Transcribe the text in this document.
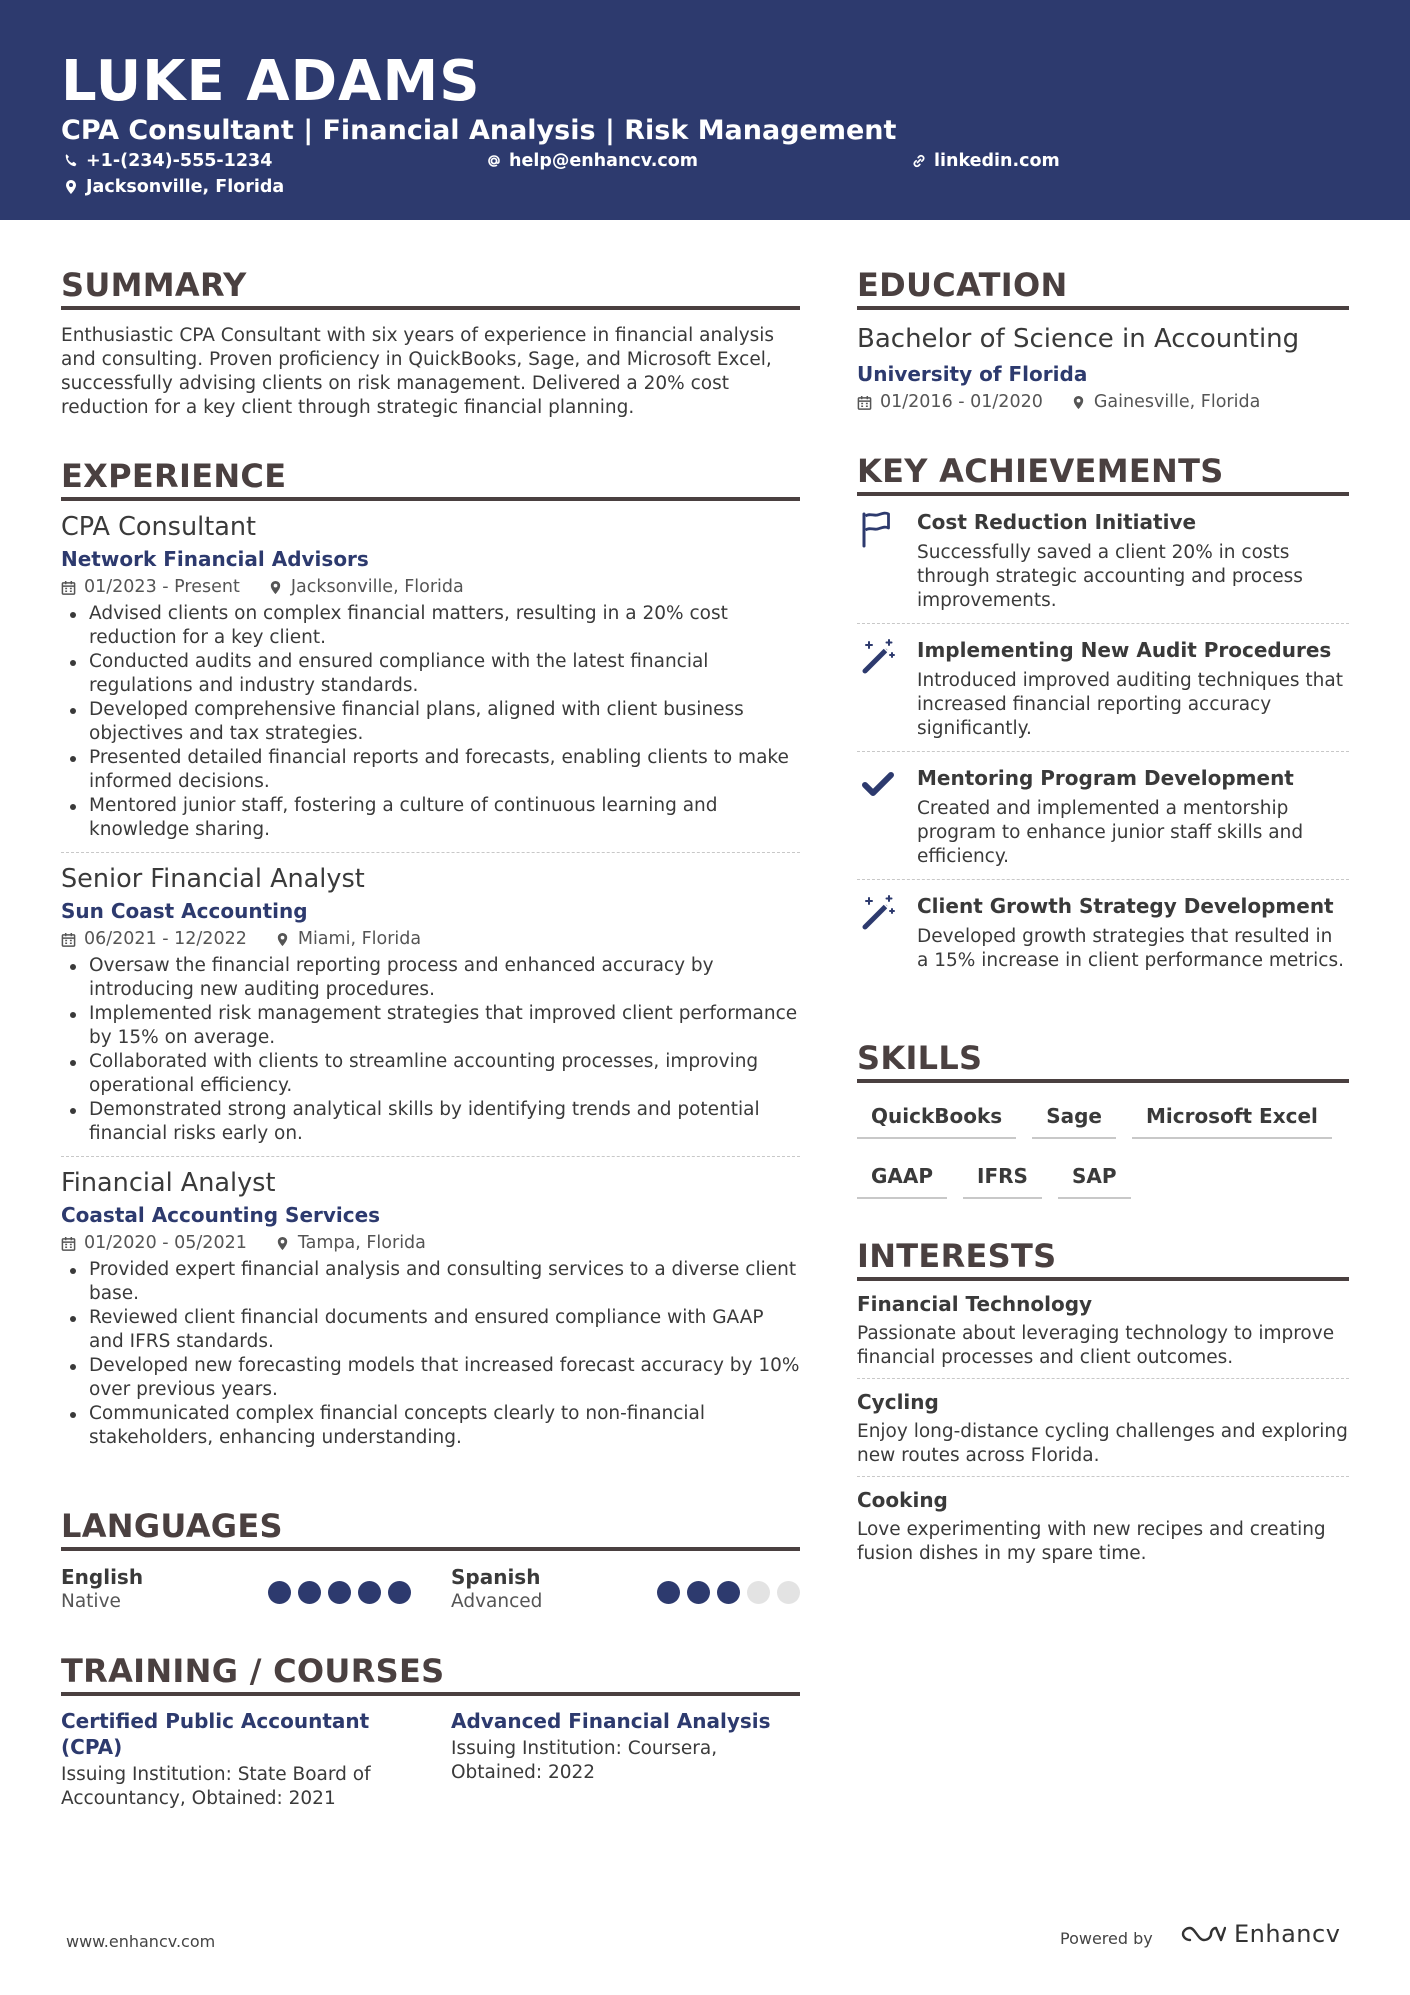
LUKE ADAMS
CPA Consultant | Financial Analysis | Risk Management
+1-(234)-555-1234	help@enhancv.com	linkedin.com
Jacksonville, Florida
SUMMARY
Enthusiastic CPA Consultant with six years of experience in financial analysis and consulting. Proven proficiency in QuickBooks, Sage, and Microsoft Excel, successfully advising clients on risk management. Delivered a 20% cost reduction for a key client through strategic financial planning.
EXPERIENCE
CPA Consultant
Network Financial Advisors
01/2023 - Present	Jacksonville, Florida
Advised clients on complex financial matters, resulting in a 20% cost reduction for a key client.
Conducted audits and ensured compliance with the latest financial regulations and industry standards.
Developed comprehensive financial plans, aligned with client business objectives and tax strategies.
Presented detailed financial reports and forecasts, enabling clients to make informed decisions.
Mentored junior staff, fostering a culture of continuous learning and knowledge sharing.
Senior Financial Analyst
Sun Coast Accounting
06/2021 - 12/2022	Miami, Florida
Oversaw the financial reporting process and enhanced accuracy by introducing new auditing procedures.
Implemented risk management strategies that improved client performance by 15% on average.
Collaborated with clients to streamline accounting processes, improving operational efficiency.
Demonstrated strong analytical skills by identifying trends and potential financial risks early on.
Financial Analyst
Coastal Accounting Services
01/2020 - 05/2021	Tampa, Florida
Provided expert financial analysis and consulting services to a diverse client base.
Reviewed client financial documents and ensured compliance with GAAP and IFRS standards.
Developed new forecasting models that increased forecast accuracy by 10% over previous years.
Communicated complex financial concepts clearly to non-financial stakeholders, enhancing understanding.
LANGUAGES
English
Native
Spanish
Advanced
TRAINING / COURSES
Certified Public Accountant (CPA)
Issuing Institution: State Board of Accountancy, Obtained: 2021
Advanced Financial Analysis
Issuing Institution: Coursera, Obtained: 2022
EDUCATION
Bachelor of Science in Accounting
University of Florida
01/2016 - 01/2020	Gainesville, Florida
KEY ACHIEVEMENTS
Cost Reduction Initiative
Successfully saved a client 20% in costs through strategic accounting and process improvements.
Implementing New Audit Procedures
Introduced improved auditing techniques that increased financial reporting accuracy significantly.
Mentoring Program Development
Created and implemented a mentorship program to enhance junior staff skills and efficiency.
Client Growth Strategy Development
Developed growth strategies that resulted in a 15% increase in client performance metrics.
SKILLS
QuickBooks	Sage	Microsoft Excel
GAAP	IFRS	SAP
INTERESTS
Financial Technology
Passionate about leveraging technology to improve financial processes and client outcomes.
Cycling
Enjoy long-distance cycling challenges and exploring new routes across Florida.
Cooking
Love experimenting with new recipes and creating fusion dishes in my spare time.
www.enhancv.com	Powered by	Enhancv
